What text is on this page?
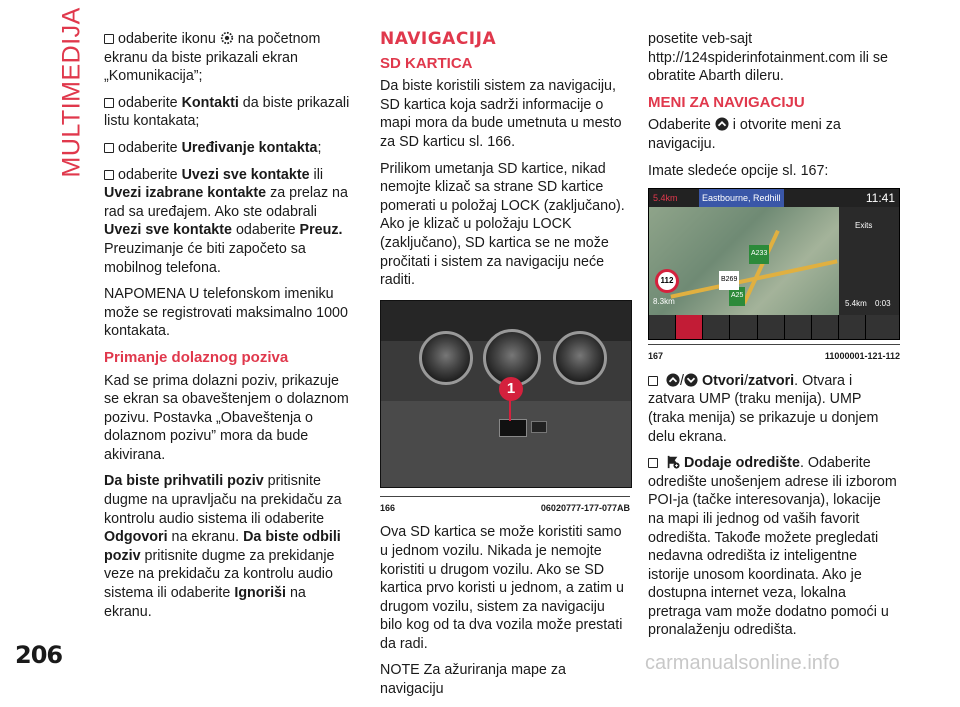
MULTIMEDIJA	odaberite ikonu na početnom ekranu da biste prikazali ekran „Komunikacija”;

odaberite Kontakti da biste prikazali listu kontakata;

odaberite Uređivanje kontakta;

odaberite Uvezi sve kontakte ili Uvezi izabrane kontakte za prelaz na rad sa uređajem. Ako ste odabrali Uvezi sve kontakte odaberite Preuz. Preuzimanje će biti započeto sa mobilnog telefona.

NAPOMENA U telefonskom imeniku može se registrovati maksimalno 1000 kontakata.

Primanje dolaznog poziva

Kad se prima dolazni poziv, prikazuje se ekran sa obaveštenjem o dolaznom pozivu. Postavka „Obaveštenja o dolaznom pozivu” mora da bude akivirana.

Da biste prihvatili poziv pritisnite dugme na upravljaču na prekidaču za kontrolu audio sistema ili odaberite Odgovori na ekranu. Da biste odbili poziv pritisnite dugme za prekidanje veze na prekidaču za kontrolu audio sistema ili odaberite Ignoriši na ekranu.

NAVIGACIJA
SD KARTICA

Da biste koristili sistem za navigaciju, SD kartica koja sadrži informacije o mapi mora da bude umetnuta u mesto za SD karticu sl. 166.

Prilikom umetanja SD kartice, nikad nemojte klizač sa strane SD kartice pomerati u položaj LOCK (zaključano). Ako je klizač u položaju LOCK (zaključano), SD kartica se ne može pročitati i sistem za navigaciju neće raditi.

1
166	06020777-177-077AB

Ova SD kartica se može koristiti samo u jednom vozilu. Nikada je nemojte koristiti u drugom vozilu. Ako se SD kartica prvo koristi u jednom, a zatim u drugom vozilu, sistem za navigaciju bilo kog od ta dva vozila može prestati da radi.

NOTE Za ažuriranja mape za navigaciju

posetite veb-sajt http://124spiderinfotainment.com ili se obratite Abarth dileru.

MENI ZA NAVIGACIJU

Odaberite i otvorite meni za navigaciju.

Imate sledeće opcije sl. 167:

5.4km	Eastbourne, Redhill	11:41
112
A233
A25
B269
8.3km
Exits
5.4km 0:03
167	11000001-121-112

/ Otvori/zatvori. Otvara i zatvara UMP (traku menija). UMP (traka menija) se prikazuje u donjem delu ekrana.

Dodaje odredište. Odaberite odredište unošenjem adrese ili izborom POI-ja (tačke interesovanja), lokacije na mapi ili jednog od vaših favorit odredišta. Takođe možete pregledati nedavna odredišta iz inteligentne istorije unosom koordinata. Ako je dostupna internet veza, lokalna pretraga vam može dodatno pomoći u pronalaženju odredišta.

206	carmanualsonline.info
